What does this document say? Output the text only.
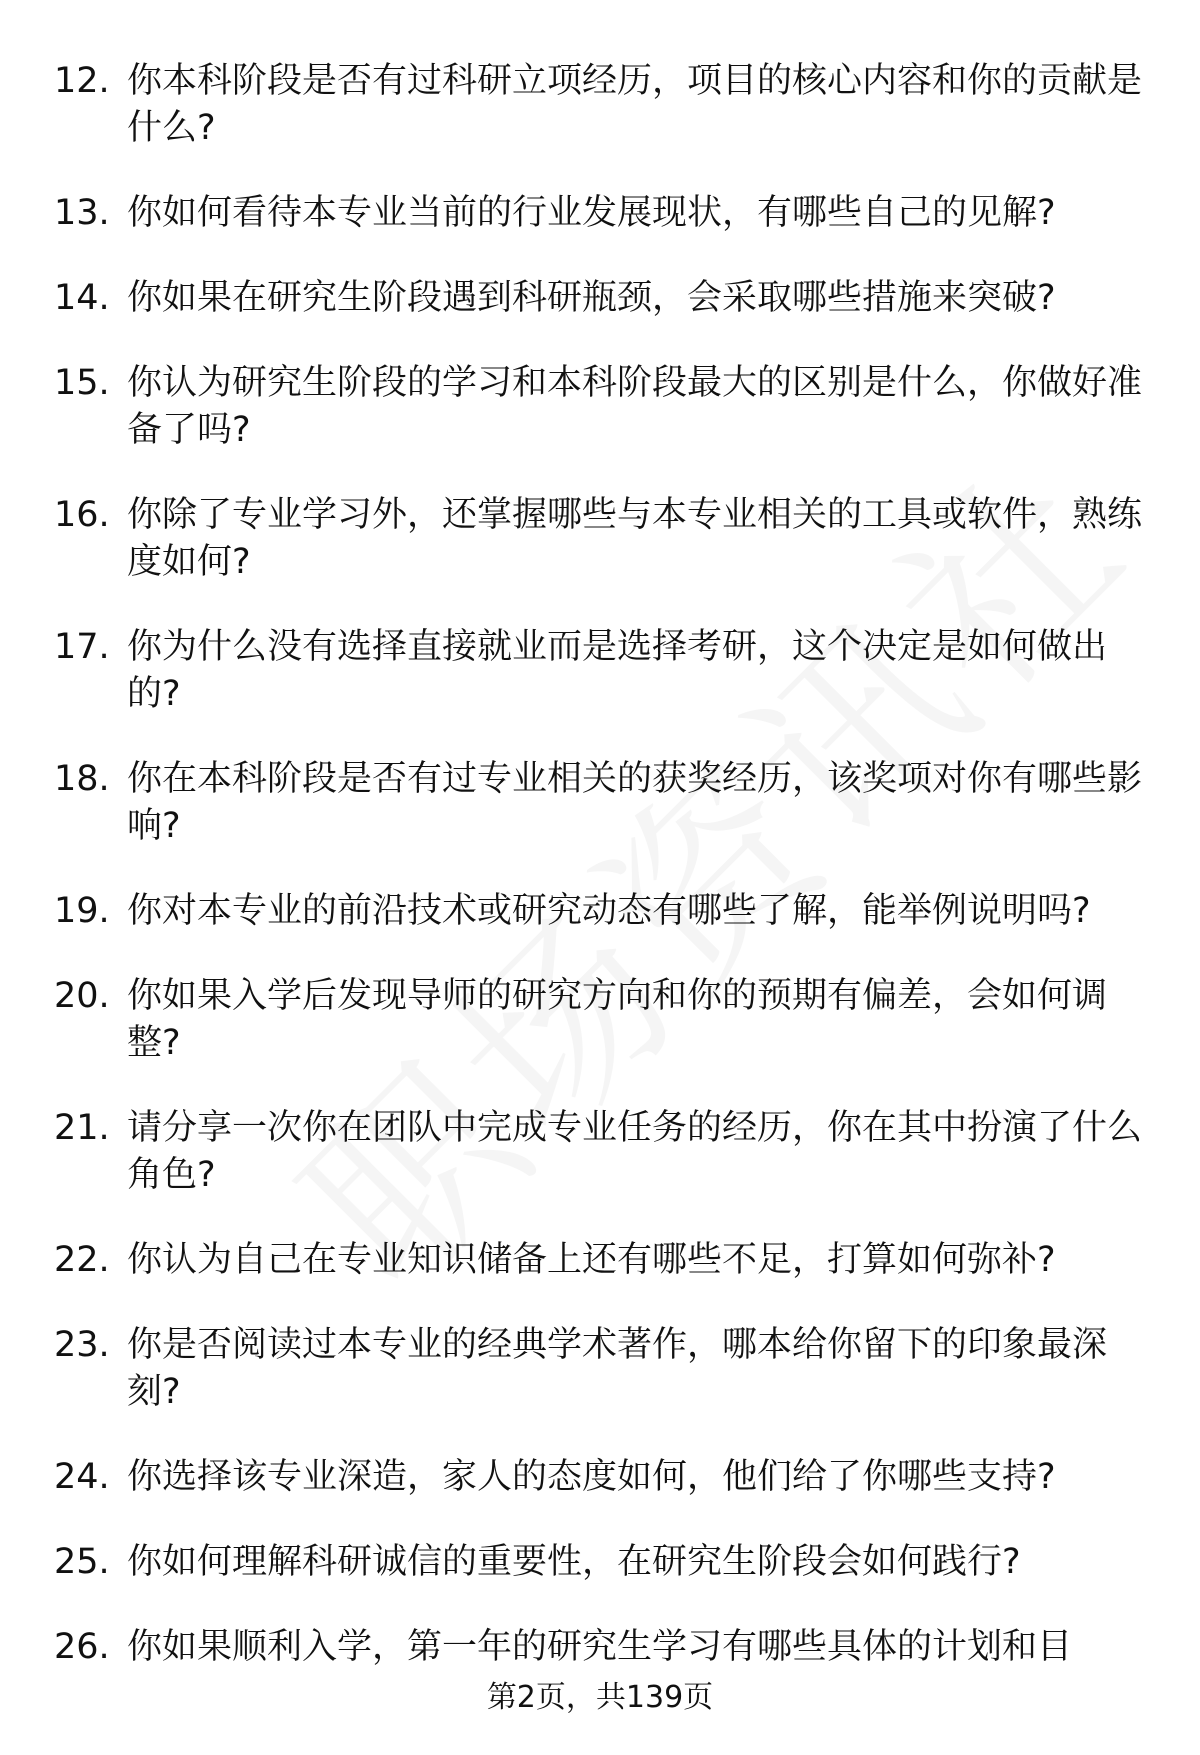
12. 你本科阶段是否有过科研立项经历，项目的核心内容和你的贡献是什么?
13. 你如何看待本专业当前的行业发展现状，有哪些自己的见解?
14. 你如果在研究生阶段遇到科研瓶颈，会采取哪些措施来突破?
15. 你认为研究生阶段的学习和本科阶段最大的区别是什么，你做好准备了吗?
16. 你除了专业学习外，还掌握哪些与本专业相关的工具或软件，熟练度如何?
17. 你为什么没有选择直接就业而是选择考研，这个决定是如何做出的?
18. 你在本科阶段是否有过专业相关的获奖经历，该奖项对你有哪些影响?
19. 你对本专业的前沿技术或研究动态有哪些了解，能举例说明吗?
20. 你如果入学后发现导师的研究方向和你的预期有偏差，会如何调整?
21. 请分享一次你在团队中完成专业任务的经历，你在其中扮演了什么角色?
22. 你认为自己在专业知识储备上还有哪些不足，打算如何弥补?
23. 你是否阅读过本专业的经典学术著作，哪本给你留下的印象最深刻?
24. 你选择该专业深造，家人的态度如何，他们给了你哪些支持?
25. 你如何理解科研诚信的重要性，在研究生阶段会如何践行?
26. 你如果顺利入学，第一年的研究生学习有哪些具体的计划和目
第2页，共139页
